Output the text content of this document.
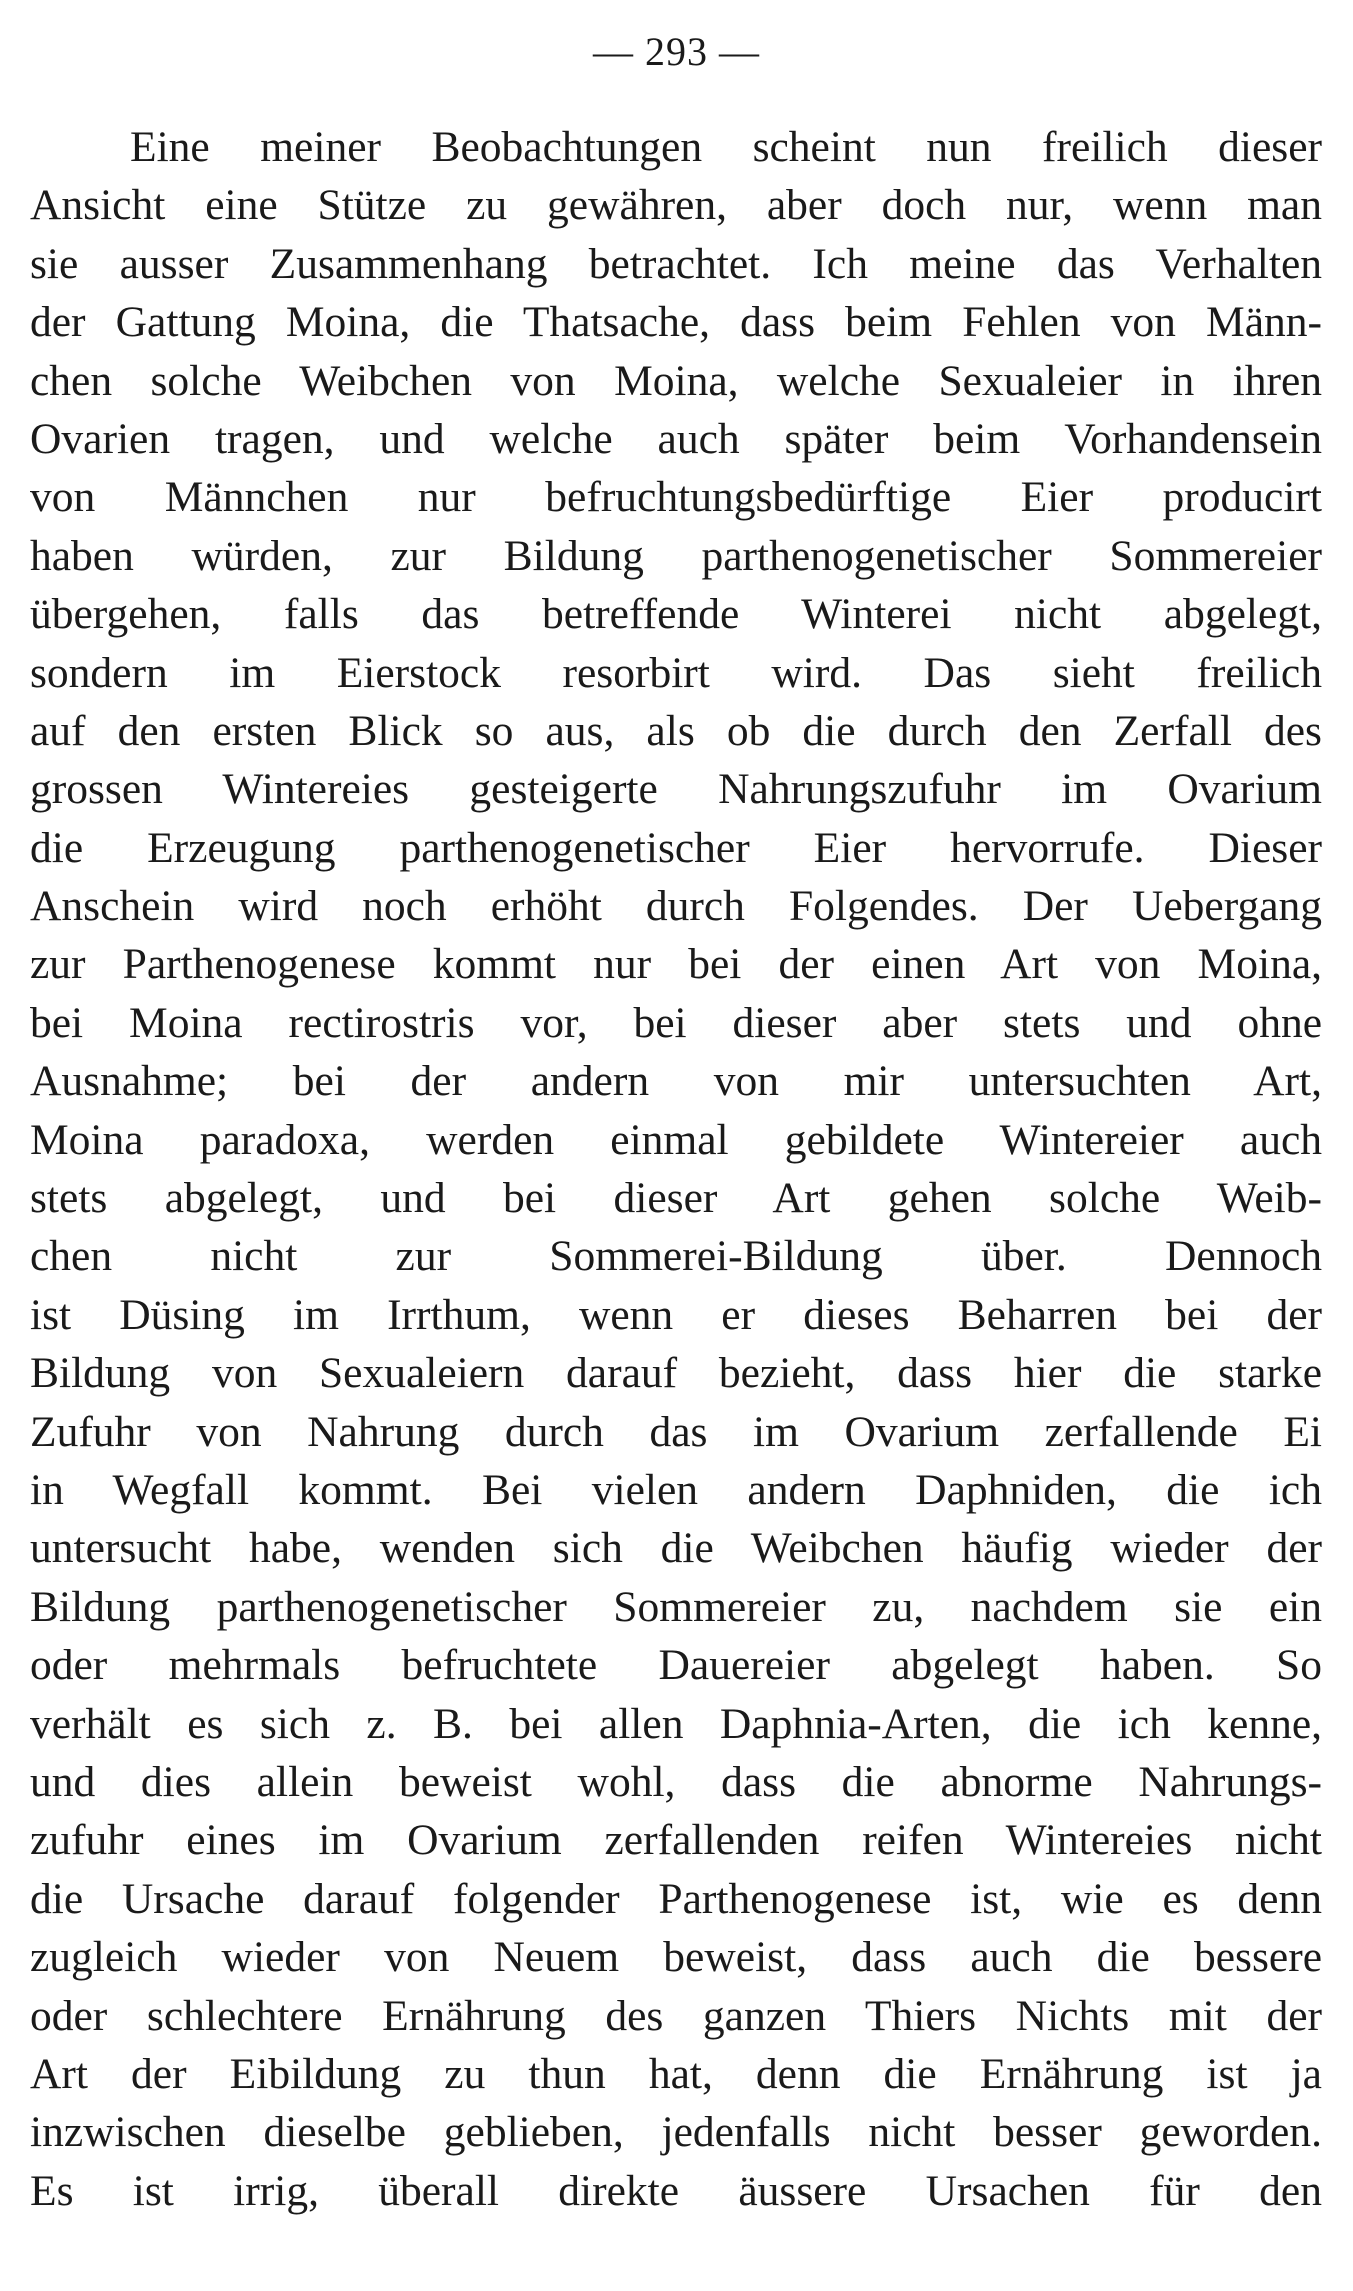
— 293 —
Eine meiner Beobachtungen scheint nun freilich dieser
Ansicht eine Stütze zu gewähren, aber doch nur, wenn man
sie ausser Zusammenhang betrachtet. Ich meine das Verhalten
der Gattung Moina, die Thatsache, dass beim Fehlen von Männ-
chen solche Weibchen von Moina, welche Sexualeier in ihren
Ovarien tragen, und welche auch später beim Vorhandensein
von Männchen nur befruchtungsbedürftige Eier producirt
haben würden, zur Bildung parthenogenetischer Sommereier
übergehen, falls das betreffende Winterei nicht abgelegt,
sondern im Eierstock resorbirt wird. Das sieht freilich
auf den ersten Blick so aus, als ob die durch den Zerfall des
grossen Wintereies gesteigerte Nahrungszufuhr im Ovarium
die Erzeugung parthenogenetischer Eier hervorrufe. Dieser
Anschein wird noch erhöht durch Folgendes. Der Uebergang
zur Parthenogenese kommt nur bei der einen Art von Moina,
bei Moina rectirostris vor, bei dieser aber stets und ohne
Ausnahme; bei der andern von mir untersuchten Art,
Moina paradoxa, werden einmal gebildete Wintereier auch
stets abgelegt, und bei dieser Art gehen solche Weib-
chen nicht zur Sommerei-Bildung über. Dennoch
ist Düsing im Irrthum, wenn er dieses Beharren bei der
Bildung von Sexualeiern darauf bezieht, dass hier die starke
Zufuhr von Nahrung durch das im Ovarium zerfallende Ei
in Wegfall kommt. Bei vielen andern Daphniden, die ich
untersucht habe, wenden sich die Weibchen häufig wieder der
Bildung parthenogenetischer Sommereier zu, nachdem sie ein
oder mehrmals befruchtete Dauereier abgelegt haben. So
verhält es sich z. B. bei allen Daphnia-Arten, die ich kenne,
und dies allein beweist wohl, dass die abnorme Nahrungs-
zufuhr eines im Ovarium zerfallenden reifen Wintereies nicht
die Ursache darauf folgender Parthenogenese ist, wie es denn
zugleich wieder von Neuem beweist, dass auch die bessere
oder schlechtere Ernährung des ganzen Thiers Nichts mit der
Art der Eibildung zu thun hat, denn die Ernährung ist ja
inzwischen dieselbe geblieben, jedenfalls nicht besser geworden.
Es ist irrig, überall direkte äussere Ursachen für den
